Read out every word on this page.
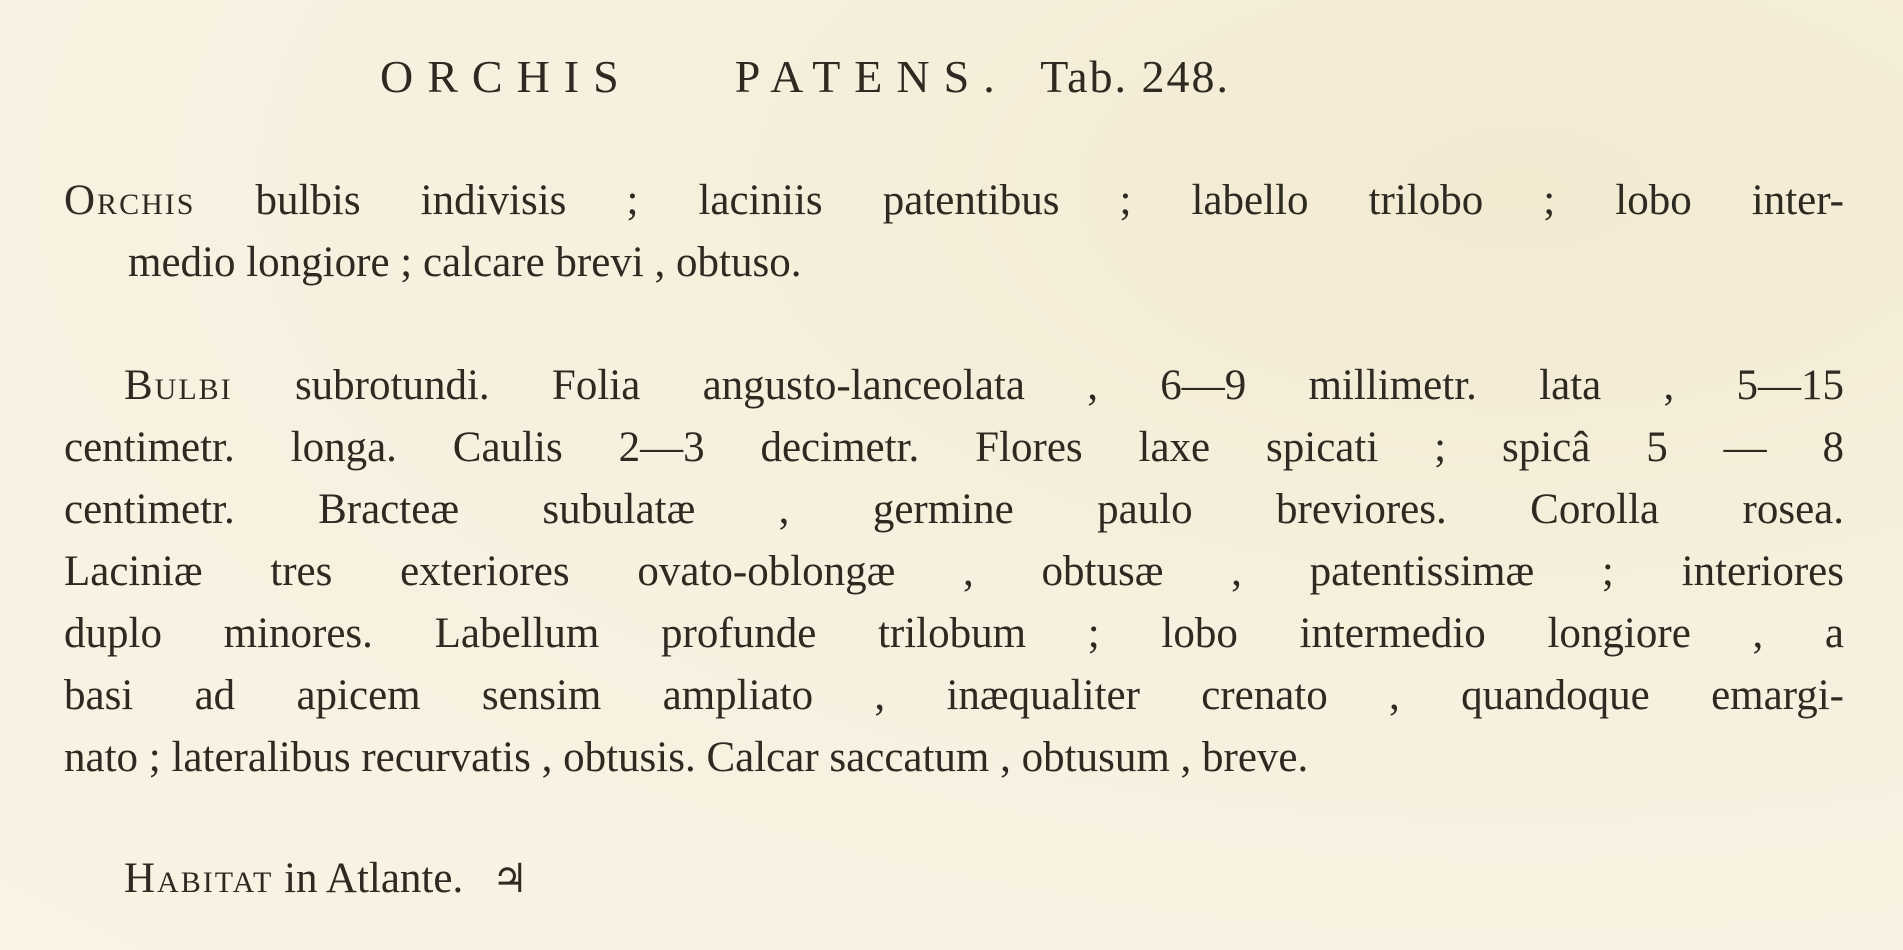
ORCHIS PATENS. Tab. 248.
Orchis bulbis indivisis ; laciniis patentibus ; labello trilobo ; lobo inter-
medio longiore ; calcare brevi , obtuso.
Bulbi subrotundi. Folia angusto-lanceolata , 6—9 millimetr. lata , 5—15
centimetr. longa. Caulis 2—3 decimetr. Flores laxe spicati ; spicâ 5 — 8
centimetr. Bracteæ subulatæ , germine paulo breviores. Corolla rosea.
Laciniæ tres exteriores ovato-oblongæ , obtusæ , patentissimæ ; interiores
duplo minores. Labellum profunde trilobum ; lobo intermedio longiore , a
basi ad apicem sensim ampliato , inæqualiter crenato , quandoque emargi-
nato ; lateralibus recurvatis , obtusis. Calcar saccatum , obtusum , breve.
Habitat in Atlante. ♃
